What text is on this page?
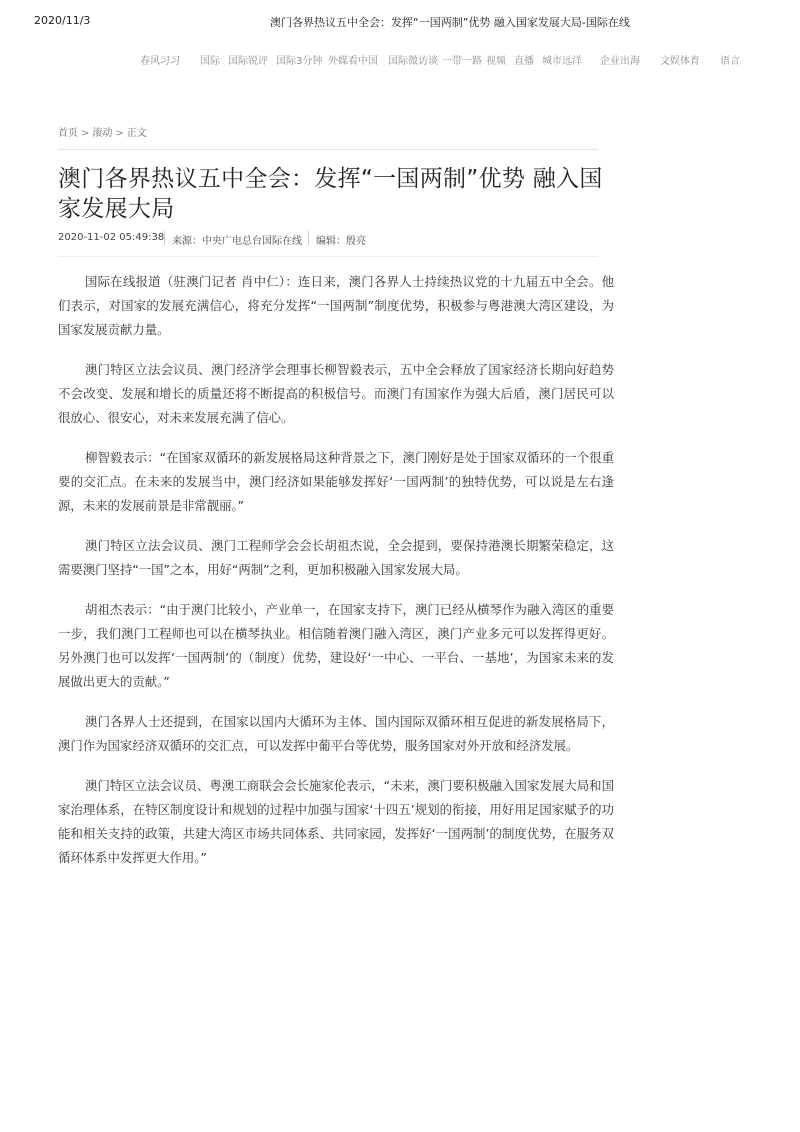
2020/11/3	澳门各界热议五中全会：发挥“一国两制”优势 融入国家发展大局-国际在线
春风习习 国际 国际锐评 国际3分钟 外媒看中国 国际微访谈 一带一路 视频 直播 城市远洋 企业出海 文娱体育 语言
首页 > 滚动 > 正文
澳门各界热议五中全会：发挥“一国两制”优势 融入国家发展大局
2020-11-02 05:49:38 来源：中央广电总台国际在线 编辑：殷亮

国际在线报道（驻澳门记者 肖中仁）：连日来，澳门各界人士持续热议党的十九届五中全会。他们表示，对国家的发展充满信心，将充分发挥“一国两制”制度优势，积极参与粤港澳大湾区建设，为国家发展贡献力量。

澳门特区立法会议员、澳门经济学会理事长柳智毅表示，五中全会释放了国家经济长期向好趋势不会改变、发展和增长的质量还将不断提高的积极信号。而澳门有国家作为强大后盾，澳门居民可以很放心、很安心，对未来发展充满了信心。

柳智毅表示：“在国家双循环的新发展格局这种背景之下，澳门刚好是处于国家双循环的一个很重要的交汇点。在未来的发展当中，澳门经济如果能够发挥好‘一国两制’的独特优势，可以说是左右逢源，未来的发展前景是非常靓丽。”

澳门特区立法会议员、澳门工程师学会会长胡祖杰说，全会提到，要保持港澳长期繁荣稳定，这需要澳门坚持“一国”之本，用好“两制”之利，更加积极融入国家发展大局。

胡祖杰表示：“由于澳门比较小，产业单一，在国家支持下，澳门已经从横琴作为融入湾区的重要一步，我们澳门工程师也可以在横琴执业。相信随着澳门融入湾区，澳门产业多元可以发挥得更好。另外澳门也可以发挥‘一国两制’的（制度）优势，建设好‘一中心、一平台、一基地’，为国家未来的发展做出更大的贡献。”

澳门各界人士还提到，在国家以国内大循环为主体、国内国际双循环相互促进的新发展格局下，澳门作为国家经济双循环的交汇点，可以发挥中葡平台等优势，服务国家对外开放和经济发展。

澳门特区立法会议员、粤澳工商联会会长施家伦表示，“未来，澳门要积极融入国家发展大局和国家治理体系，在特区制度设计和规划的过程中加强与国家‘十四五’规划的衔接，用好用足国家赋予的功能和相关支持的政策，共建大湾区市场共同体系、共同家园，发挥好‘一国两制’的制度优势，在服务双循环体系中发挥更大作用。”
